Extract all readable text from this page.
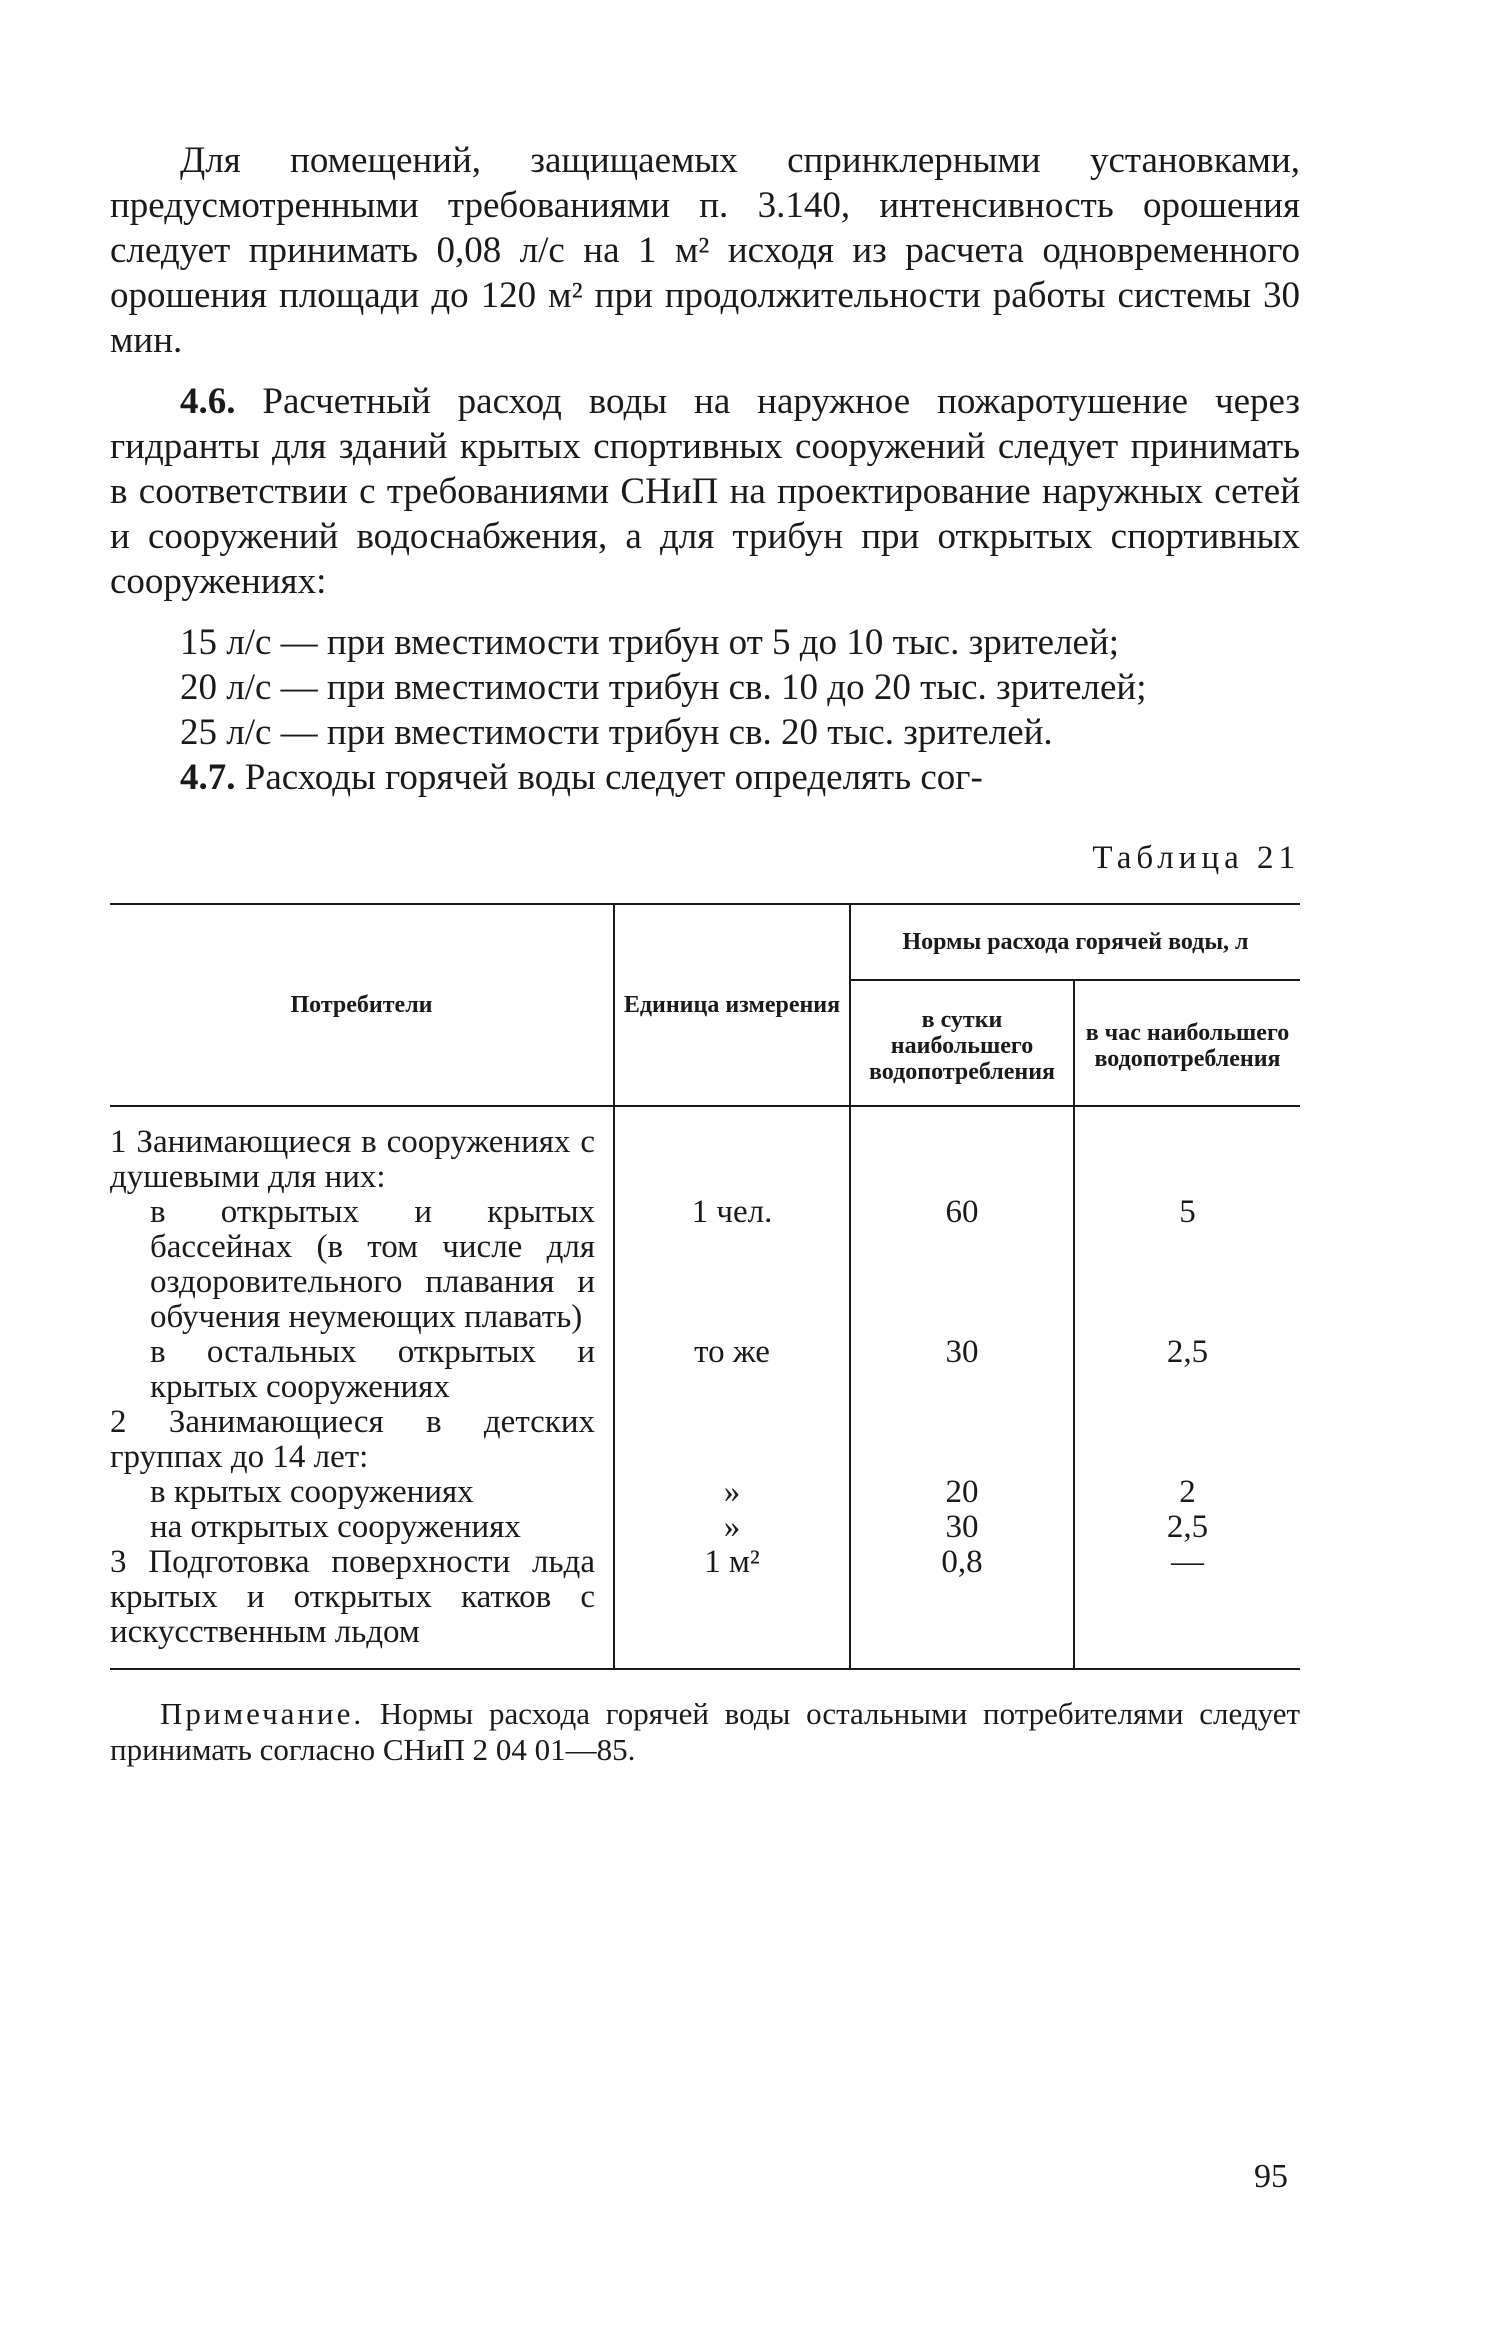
Для помещений, защищаемых спринклерными установками, предусмотренными требованиями п. 3.140, интенсивность орошения следует принимать 0,08 л/с на 1 м² исходя из расчета одновременного орошения площади до 120 м² при продолжительности работы системы 30 мин.

4.6. Расчетный расход воды на наружное пожаротушение через гидранты для зданий крытых спортивных сооружений следует принимать в соответствии с требованиями СНиП на проектирование наружных сетей и сооружений водоснабжения, а для трибун при открытых спортивных сооружениях:

15 л/с — при вместимости трибун от 5 до 10 тыс. зрителей;

20 л/с — при вместимости трибун св. 10 до 20 тыс. зрителей;

25 л/с — при вместимости трибун св. 20 тыс. зрителей.

4.7. Расходы горячей воды следует определять сог-

Таблица 21
Потребители	Единица измерения	Нормы расхода горячей воды, л	
		в сутки наибольшего водопотребления	в час наибольшего водопотребления

1 Занимающиеся в сооружениях с душевыми для них:			

в открытых и крытых бассейнах (в том числе для оздоровительного плавания и обучения неумеющих плавать)	1 чел.	60	5

в остальных открытых и крытых сооружениях	то же	30	2,5
2 Занимающиеся в детских группах до 14 лет:			

в крытых сооружениях	»	20	2

на открытых сооружениях	»	30	2,5
3 Подготовка поверхности льда крытых и открытых катков с искусственным льдом	1 м²	0,8	—

Примечание. Нормы расхода горячей воды остальными потребителями следует принимать согласно СНиП 2 04 01—85.

95
